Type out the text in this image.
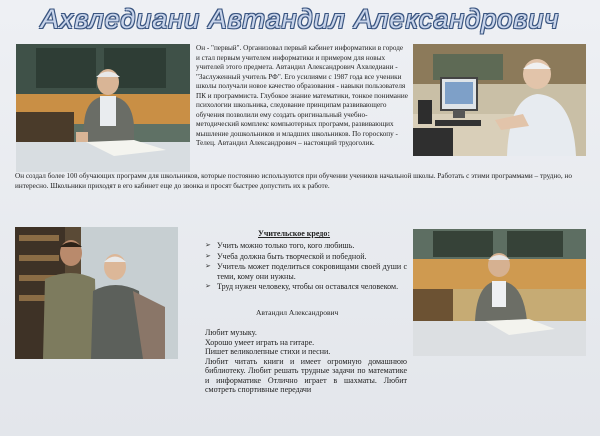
Ахвледиани Автандил Александрович
Он - "первый". Организовал первый кабинет информатики в городе и стал первым учителем информатики и примером для новых учителей этого предмета. Автандил Александрович Ахвледиани - "Заслуженный учитель РФ". Его усилиями с 1987 года все ученики школы получали новое качество образования - навыки пользователя ПК и программиста. Глубокое знание математики, тонкое понимание психологии школьника, следование принципам развивающего обучения позволили ему создать оригинальный учебно-методический комплекс компьютерных программ, развивающих мышление дошкольников и младших школьников. По гороскопу - Телец. Автандил Александрович – настоящий трудоголик.
Он создал более 100 обучающих программ для школьников, которые постоянно используются при обучении учеников начальной школы. Работать с этими программами – трудно, но интересно. Школьники приходят в его кабинет еще до звонка и просят быстрее допустить их к работе.
Учительское кредо:
➢ Учить можно только того, кого любишь.
➢ Учеба должна быть творческой и победной.
➢ Учитель может поделиться сокровищами своей души с теми, кому они нужны.
➢ Труд нужен человеку, чтобы он оставался человеком.
Автандил Александрович
Любит музыку.
Хорошо умеет играть на гитаре.
Пишет великолепные стихи и песни.
Любит читать книги и имеет огромную домашнюю библиотеку. Любит решать трудные задачи по математике и информатике Отлично играет в шахматы. Любит смотреть спортивные передачи
